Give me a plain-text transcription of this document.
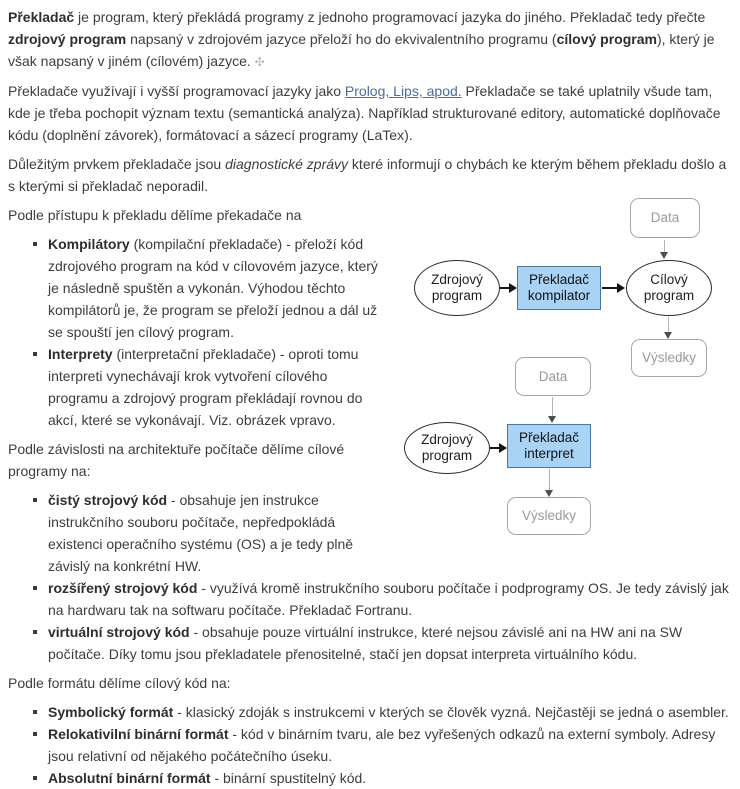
Překladač je program, který překládá programy z jednoho programovací jazyka do jiného. Překladač tedy přečte zdrojový program napsaný v zdrojovém jazyce přeloží ho do ekvivalentního programu (cílový program), který je však napsaný v jiném (cílovém) jazyce. ✣

Překladače využívají i vyšší programovací jazyky jako Prolog, Lips, apod. Překladače se také uplatnily všude tam, kde je třeba pochopit význam textu (semantická analýza). Například strukturované editory, automatické doplňovače kódu (doplnění závorek), formátovací a sázecí programy (LaTex).

Důležitým prvkem překladače jsou diagnostické zprávy které informují o chybách ke kterým během překladu došlo a s kterými si překladač neporadil.

Data
Zdrojový program
Překladač kompilator
Cílový program
Výsledky
Data
Zdrojový program
Překladač interpret
Výsledky

Podle přístupu k překladu dělíme překadače na

Kompilátory (kompilační překladače) - přeloží kód zdrojového program na kód v cílovovém jazyce, který je následně spuštěn a vykonán. Výhodou těchto kompilátorů je, že program se přeloží jednou a dál už se spouští jen cílový program.
Interprety (interpretační překladače) - oproti tomu interpreti vynechávají krok vytvoření cílového programu a zdrojový program překládají rovnou do akcí, které se vykonávají. Viz. obrázek vpravo.

Podle závislosti na architektuře počítače dělíme cílové programy na:

čistý strojový kód - obsahuje jen instrukce instrukčního souboru počítače, nepředpokládá existenci operačního systému (OS) a je tedy plně závislý na konkrétní HW.
rozšířený strojový kód - využívá kromě instrukčního souboru počítače i podprogramy OS. Je tedy závislý jak na hardwaru tak na softwaru počítače. Překladač Fortranu.
virtuální strojový kód - obsahuje pouze virtuální instrukce, které nejsou závislé ani na HW ani na SW počítače. Díky tomu jsou překladatele přenositelné, stačí jen dopsat interpreta virtuálního kódu.

Podle formátu dělíme cílový kód na:

Symbolický formát - klasický zdoják s instrukcemi v kterých se člověk vyzná. Nejčastěji se jedná o asembler.
Relokativilní binární formát - kód v binárním tvaru, ale bez vyřešených odkazů na externí symboly. Adresy jsou relativní od nějakého počátečního úseku.
Absolutní binární formát - binární spustitelný kód.
